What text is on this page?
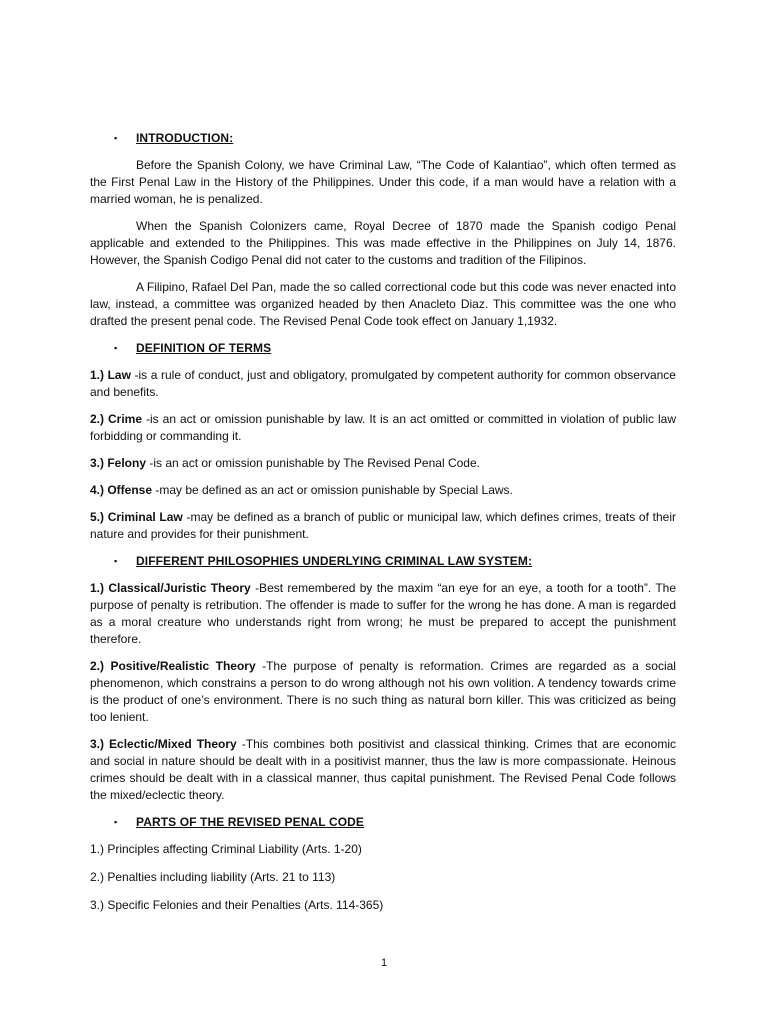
▪	INTRODUCTION:

Before the Spanish Colony, we have Criminal Law, “The Code of Kalantiao”, which often termed as the First Penal Law in the History of the Philippines. Under this code, if a man would have a relation with a married woman, he is penalized.

When the Spanish Colonizers came, Royal Decree of 1870 made the Spanish codigo Penal applicable and extended to the Philippines. This was made effective in the Philippines on July 14, 1876. However, the Spanish Codigo Penal did not cater to the customs and tradition of the Filipinos.

A Filipino, Rafael Del Pan, made the so called correctional code but this code was never enacted into law, instead, a committee was organized headed by then Anacleto Diaz. This committee was the one who drafted the present penal code. The Revised Penal Code took effect on January 1,1932.

▪	DEFINITION OF TERMS

1.) Law -is a rule of conduct, just and obligatory, promulgated by competent authority for common observance and benefits.

2.) Crime -is an act or omission punishable by law. It is an act omitted or committed in violation of public law forbidding or commanding it.

3.) Felony -is an act or omission punishable by The Revised Penal Code.

4.) Offense -may be defined as an act or omission punishable by Special Laws.

5.) Criminal Law -may be defined as a branch of public or municipal law, which defines crimes, treats of their nature and provides for their punishment.

▪	DIFFERENT PHILOSOPHIES UNDERLYING CRIMINAL LAW SYSTEM:

1.) Classical/Juristic Theory -Best remembered by the maxim “an eye for an eye, a tooth for a tooth”. The purpose of penalty is retribution. The offender is made to suffer for the wrong he has done. A man is regarded as a moral creature who understands right from wrong; he must be prepared to accept the punishment therefore.

2.) Positive/Realistic Theory -The purpose of penalty is reformation. Crimes are regarded as a social phenomenon, which constrains a person to do wrong although not his own volition. A tendency towards crime is the product of one’s environment. There is no such thing as natural born killer. This was criticized as being too lenient.

3.) Eclectic/Mixed Theory -This combines both positivist and classical thinking. Crimes that are economic and social in nature should be dealt with in a positivist manner, thus the law is more compassionate. Heinous crimes should be dealt with in a classical manner, thus capital punishment. The Revised Penal Code follows the mixed/eclectic theory.

▪	PARTS OF THE REVISED PENAL CODE

1.) Principles affecting Criminal Liability (Arts. 1-20)

2.) Penalties including liability (Arts. 21 to 113)

3.) Specific Felonies and their Penalties (Arts. 114-365)

1
